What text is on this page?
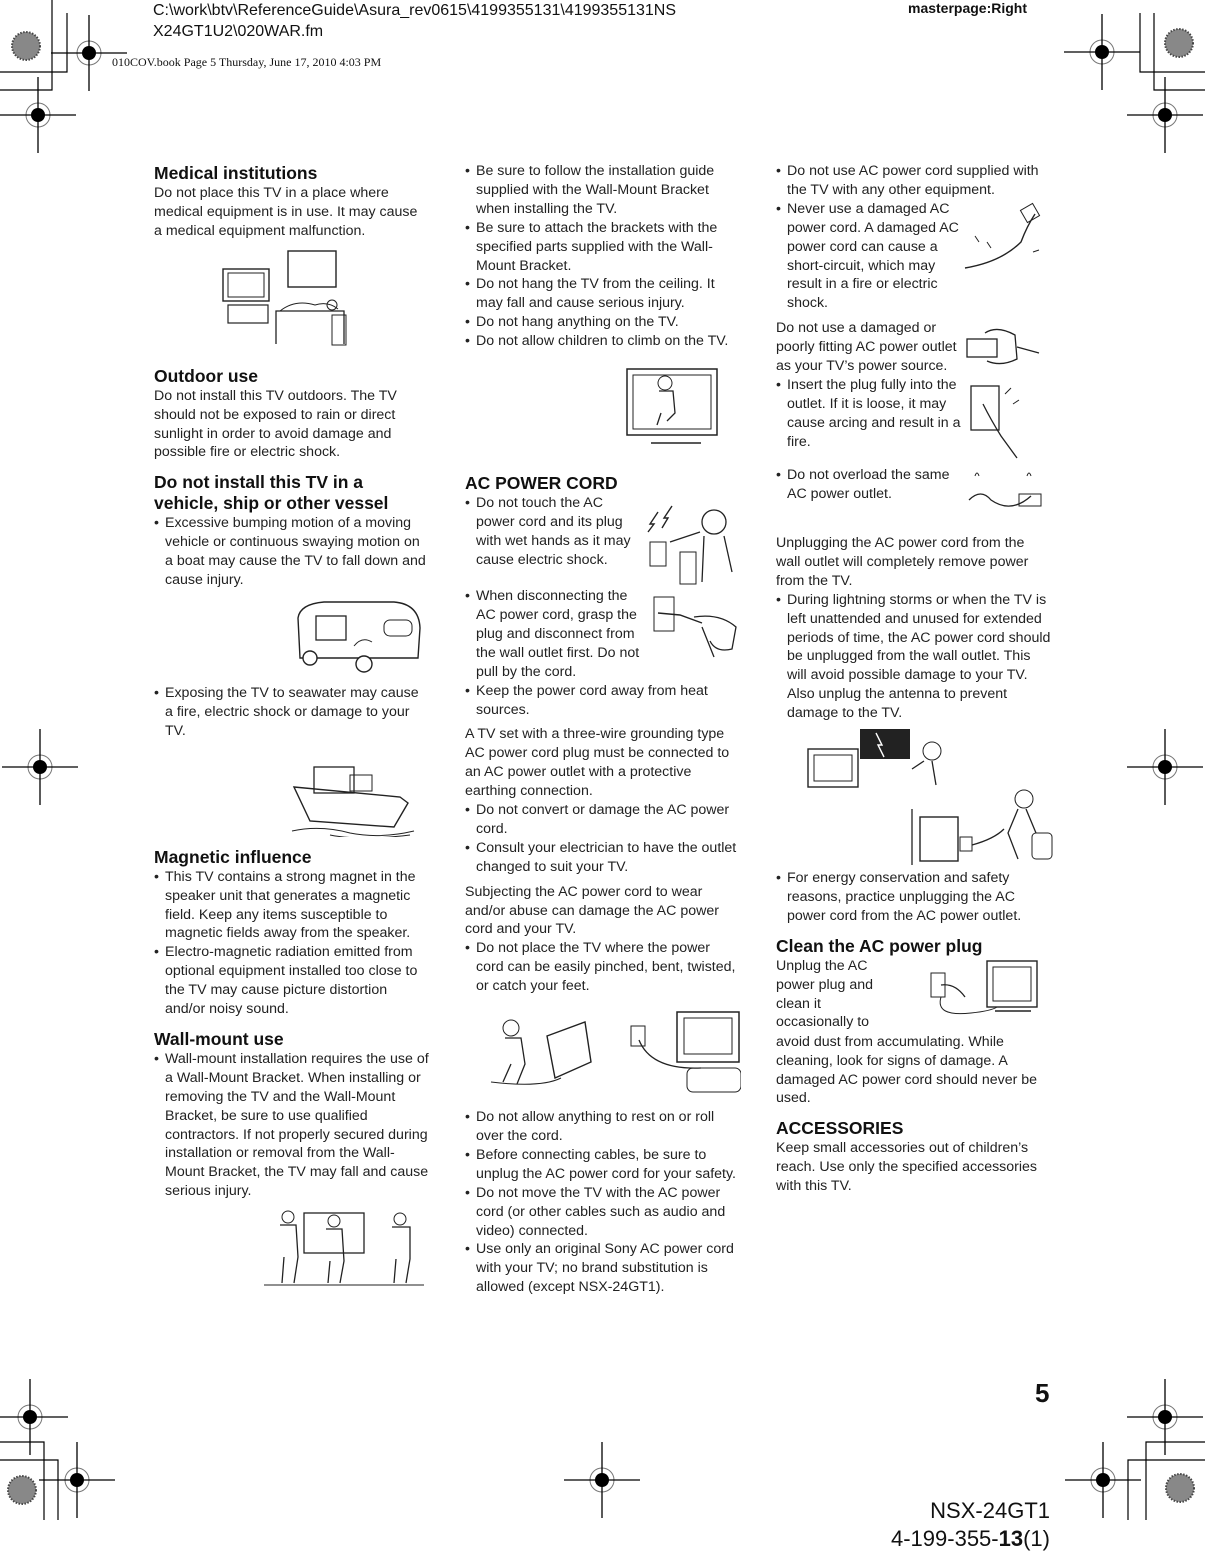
C:\work\btv\ReferenceGuide\Asura_rev0615\4199355131\4199355131NS
X24GT1U2\020WAR.fm
masterpage:Right
010COV.book Page 5 Thursday, June 17, 2010 4:03 PM
Medical institutions

Do not place this TV in a place where medical equipment is in use. It may cause a medical equipment malfunction.

Outdoor use

Do not install this TV outdoors. The TV should not be exposed to rain or direct sunlight in order to avoid damage and possible fire or electric shock.

Do not install this TV in a vehicle, ship or other vessel
• Excessive bumping motion of a moving vehicle or continuous swaying motion on a boat may cause the TV to fall down and cause injury.
• Exposing the TV to seawater may cause a fire, electric shock or damage to your TV.
Magnetic influence
• This TV contains a strong magnet in the speaker unit that generates a magnetic field. Keep any items susceptible to magnetic fields away from the speaker.
• Electro-magnetic radiation emitted from optional equipment installed too close to the TV may cause picture distortion and/or noisy sound.
Wall-mount use
• Wall-mount installation requires the use of a Wall-Mount Bracket. When installing or removing the TV and the Wall-Mount Bracket, be sure to use qualified contractors. If not properly secured during installation or removal from the Wall-Mount Bracket, the TV may fall and cause serious injury.
• Be sure to follow the installation guide supplied with the Wall-Mount Bracket when installing the TV.
• Be sure to attach the brackets with the specified parts supplied with the Wall-Mount Bracket.
• Do not hang the TV from the ceiling. It may fall and cause serious injury.
• Do not hang anything on the TV.
• Do not allow children to climb on the TV.
AC POWER CORD
• Do not touch the AC power cord and its plug with wet hands as it may cause electric shock.
• When disconnecting the AC power cord, grasp the plug and disconnect from the wall outlet first. Do not pull by the cord.
• Keep the power cord away from heat sources.

A TV set with a three-wire grounding type AC power cord plug must be connected to an AC power outlet with a protective earthing connection.

• Do not convert or damage the AC power cord.
• Consult your electrician to have the outlet changed to suit your TV.

Subjecting the AC power cord to wear and/or abuse can damage the AC power cord and your TV.

• Do not place the TV where the power cord can be easily pinched, bent, twisted, or catch your feet.
• Do not allow anything to rest on or roll over the cord.
• Before connecting cables, be sure to unplug the AC power cord for your safety.
• Do not move the TV with the AC power cord (or other cables such as audio and video) connected.
• Use only an original Sony AC power cord with your TV; no brand substitution is allowed (except NSX-24GT1).
• Do not use AC power cord supplied with the TV with any other equipment.
• Never use a damaged AC power cord. A damaged AC power cord can cause a short-circuit, which may result in a fire or electric shock.

Do not use a damaged or poorly fitting AC power outlet as your TV’s power source.

• Insert the plug fully into the outlet. If it is loose, it may cause arcing and result in a fire.
• Do not overload the same AC power outlet.

Unplugging the AC power cord from the wall outlet will completely remove power from the TV.

• During lightning storms or when the TV is left unattended and unused for extended periods of time, the AC power cord should be unplugged from the wall outlet. This will avoid possible damage to your TV. Also unplug the antenna to prevent damage to the TV.
• For energy conservation and safety reasons, practice unplugging the AC power cord from the AC power outlet.
Clean the AC power plug

Unplug the AC power plug and clean it occasionally to

avoid dust from accumulating. While cleaning, look for signs of damage. A damaged AC power cord should never be used.

ACCESSORIES

Keep small accessories out of children’s reach. Use only the specified accessories with this TV.

5
NSX-24GT1
4-199-355-13(1)
